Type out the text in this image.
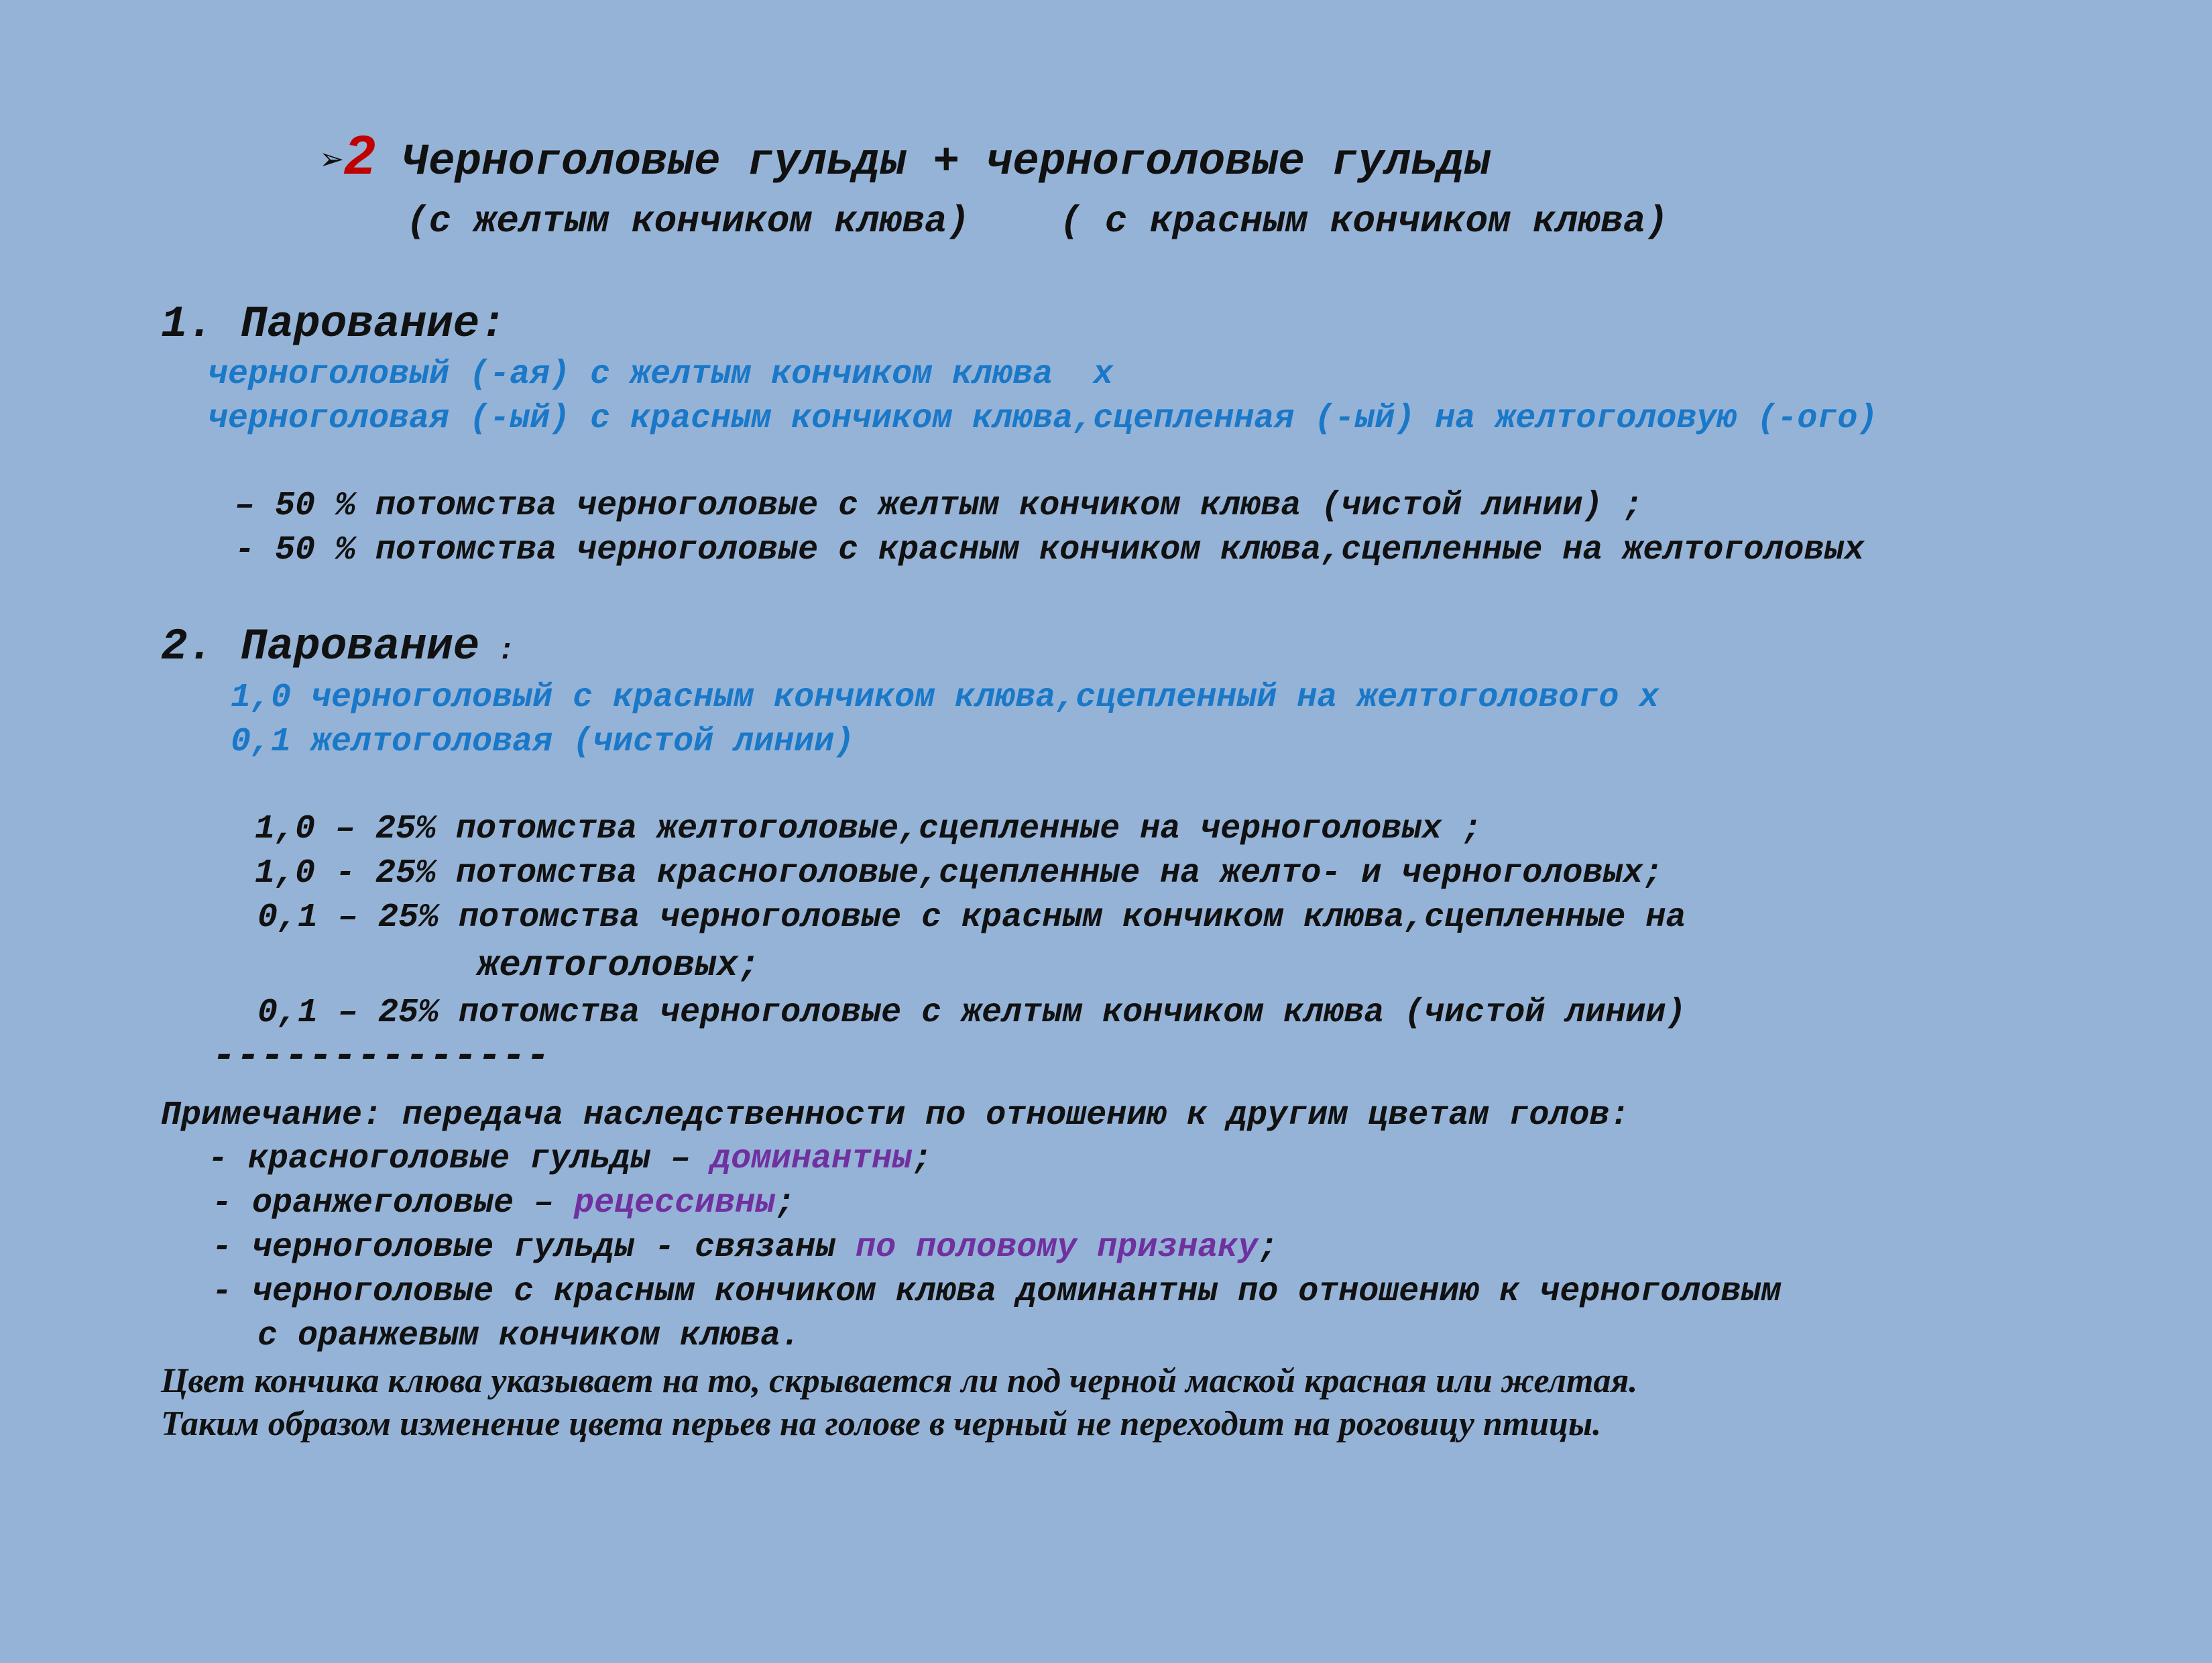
➢2 Черноголовые гульды + черноголовые гульды
(с желтым кончиком клюва)    ( с красным кончиком клюва)
1. Парование:
черноголовый (-ая) с желтым кончиком клюва  х
черноголовая (-ый) с красным кончиком клюва,сцепленная (-ый) на желтоголовую (-ого)
– 50 % потомства черноголовые с желтым кончиком клюва (чистой линии) ;
- 50 % потомства черноголовые с красным кончиком клюва,сцепленные на желтоголовых
2. Парование :
1,0 черноголовый с красным кончиком клюва,сцепленный на желтоголового х
0,1 желтоголовая (чистой линии)
1,0 – 25% потомства желтоголовые,сцепленные на черноголовых ;
1,0 - 25% потомства красноголовые,сцепленные на желто- и черноголовых;
0,1 – 25% потомства черноголовые с красным кончиком клюва,сцепленные на
желтоголовых;
0,1 – 25% потомства черноголовые с желтым кончиком клюва (чистой линии)
--------------
Примечание: передача наследственности по отношению к другим цветам голов:
- красноголовые гульды – доминантны;
- оранжеголовые – рецессивны;
- черноголовые гульды - связаны по половому признаку;
- черноголовые с красным кончиком клюва доминантны по отношению к черноголовым
с оранжевым кончиком клюва.
Цвет кончика клюва указывает на то, скрывается ли под черной маской красная или желтая.
Таким образом изменение цвета перьев на голове в черный не переходит на роговицу птицы.
